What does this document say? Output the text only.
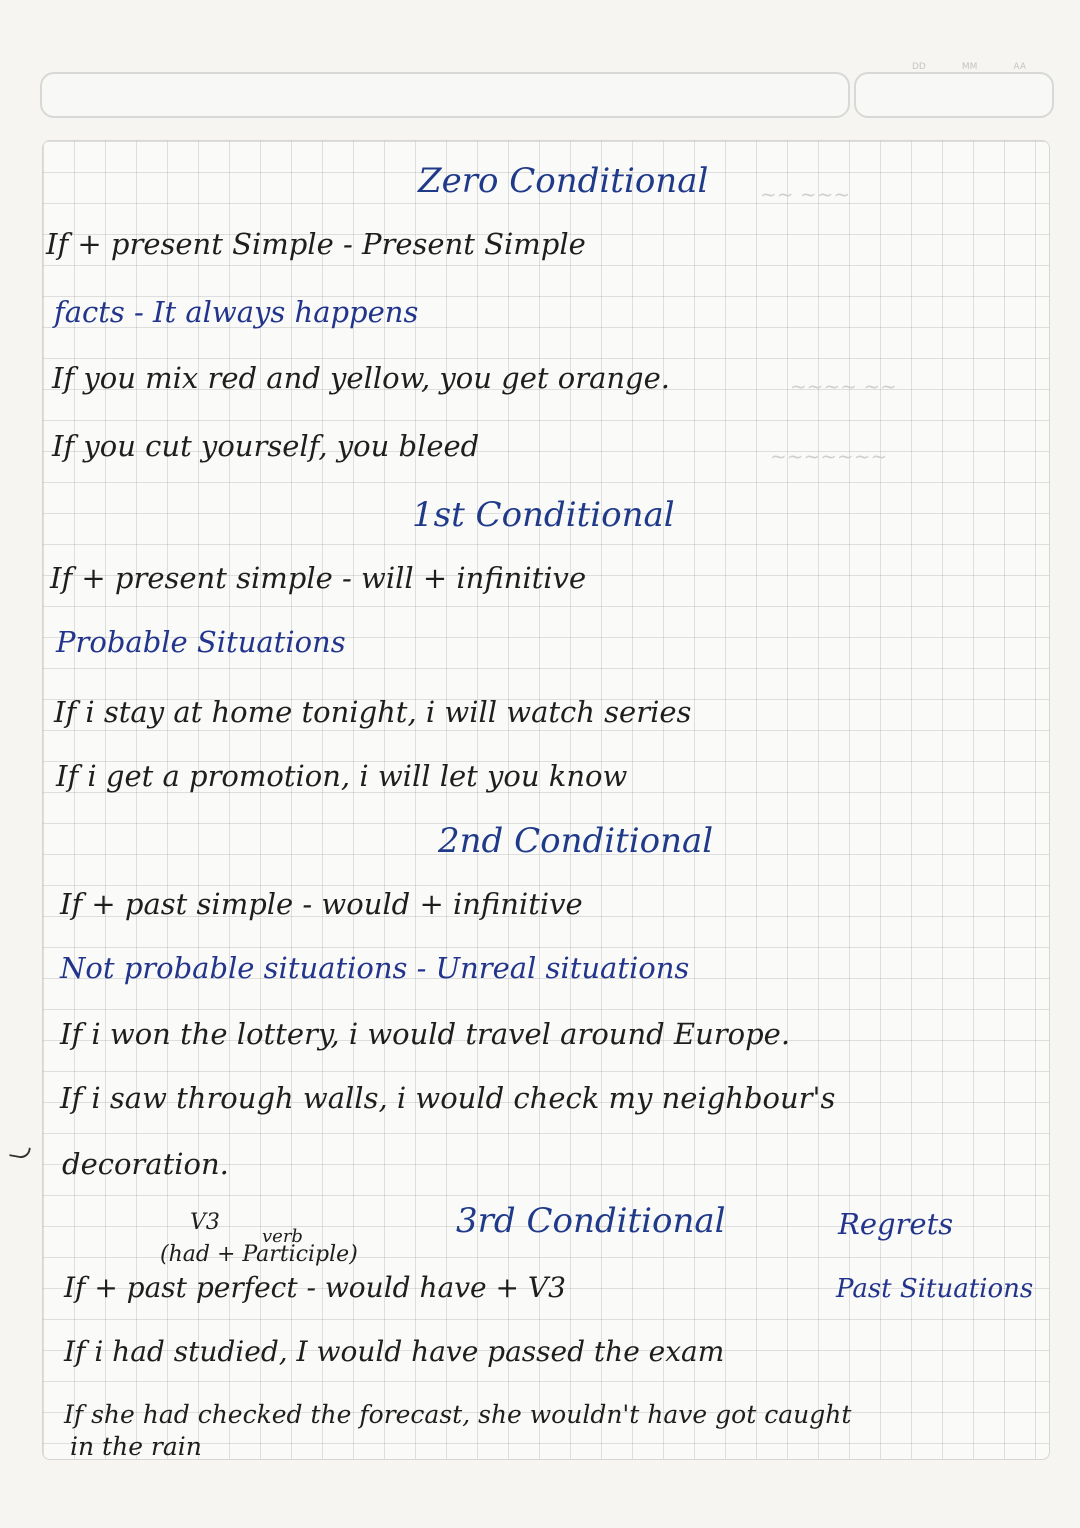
DD	MM	AA
~~ ~~~
~~~~ ~~
~~~~~~~
Zero Conditional
If + present Simple - Present Simple
facts - It always happens
If you mix red and yellow, you get orange.
If you cut yourself, you bleed
1st Conditional
If + present simple - will + infinitive
Probable Situations
If i stay at home tonight, i will watch series
If i get a promotion, i will let you know
2nd Conditional
If + past simple - would + infinitive
Not probable situations - Unreal situations
If i won the lottery, i would travel around Europe.
If i saw through walls, i would check my neighbour's
decoration.
V3
verb
(had + Participle)
3rd Conditional	Regrets
If + past perfect - would have + V3	Past Situations
If i had studied, I would have passed the exam
If she had checked the forecast, she wouldn't have got caught
in the rain
